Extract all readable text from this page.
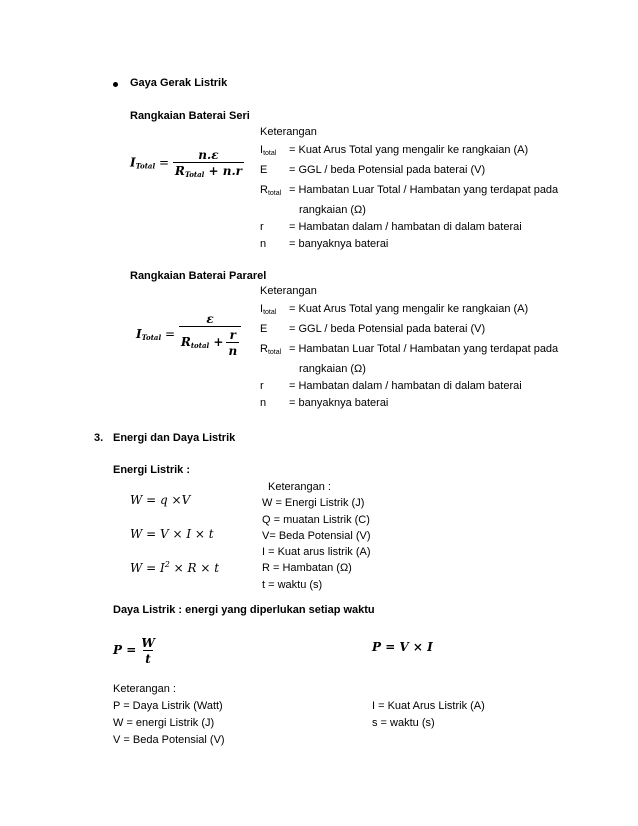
Gaya Gerak Listrik
Rangkaian Baterai Seri
$I_{Total} = \frac{n.\varepsilon}{R_{Total} + n.r}$
Keterangan
$I_{total}$	= Kuat Arus Total yang mengalir ke rangkaian (A)
E	= GGL / beda Potensial pada baterai (V)
$R_{total}$ = Hambatan Luar Total / Hambatan yang terdapat pada
rangkaian (Ω)
r	= Hambatan dalam / hambatan di dalam baterai
n	= banyaknya baterai
Rangkaian Baterai Pararel
$I_{Total} = \frac{\varepsilon}{R_{total} + \frac{r}{n}}$
Keterangan
$I_{total}$	= Kuat Arus Total yang mengalir ke rangkaian (A)
E	= GGL / beda Potensial pada baterai (V)
$R_{total}$ = Hambatan Luar Total / Hambatan yang terdapat pada
rangkaian (Ω)
r	= Hambatan dalam / hambatan di dalam baterai
n	= banyaknya baterai
3. Energi dan Daya Listrik
Energi Listrik :
W = q ×V
W = V × I × t
$W = I^2 \times R \times t$
Keterangan :
W = Energi Listrik (J)
Q = muatan Listrik (C)
V= Beda Potensial (V)
I = Kuat arus listrik (A)
R = Hambatan (Ω)
t = waktu (s)
Daya Listrik : energi yang diperlukan setiap waktu
$P = \frac{W}{t}$	P = V × I
Keterangan :
P = Daya Listrik (Watt)
W = energi Listrik (J)
V = Beda Potensial (V)
I = Kuat Arus Listrik (A)
s = waktu (s)
